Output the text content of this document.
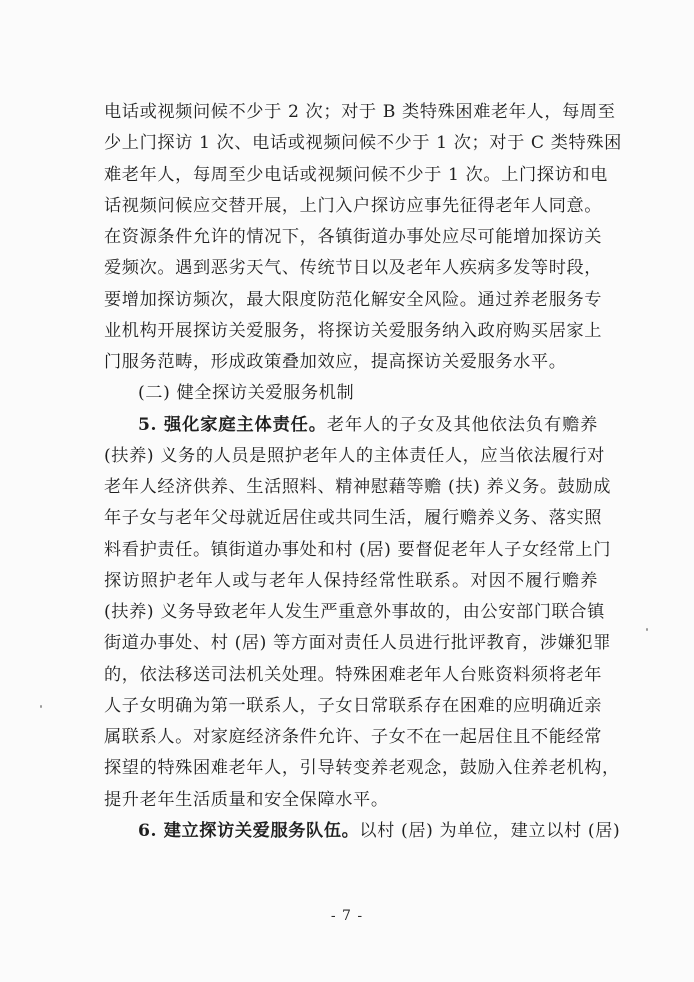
电话或视频问候不少于 2 次；对于 B 类特殊困难老年人，每周至
少上门探访 1 次、电话或视频问候不少于 1 次；对于 C 类特殊困
难老年人，每周至少电话或视频问候不少于 1 次。上门探访和电
话视频问候应交替开展，上门入户探访应事先征得老年人同意。
在资源条件允许的情况下，各镇街道办事处应尽可能增加探访关
爱频次。遇到恶劣天气、传统节日以及老年人疾病多发等时段，
要增加探访频次，最大限度防范化解安全风险。通过养老服务专
业机构开展探访关爱服务，将探访关爱服务纳入政府购买居家上
门服务范畴，形成政策叠加效应，提高探访关爱服务水平。
(二) 健全探访关爱服务机制
5. 强化家庭主体责任。老年人的子女及其他依法负有赡养
(扶养) 义务的人员是照护老年人的主体责任人，应当依法履行对
老年人经济供养、生活照料、精神慰藉等赡 (扶) 养义务。鼓励成
年子女与老年父母就近居住或共同生活，履行赡养义务、落实照
料看护责任。镇街道办事处和村 (居) 要督促老年人子女经常上门
探访照护老年人或与老年人保持经常性联系。对因不履行赡养
(扶养) 义务导致老年人发生严重意外事故的，由公安部门联合镇
街道办事处、村 (居) 等方面对责任人员进行批评教育，涉嫌犯罪
的，依法移送司法机关处理。特殊困难老年人台账资料须将老年
人子女明确为第一联系人，子女日常联系存在困难的应明确近亲
属联系人。对家庭经济条件允许、子女不在一起居住且不能经常
探望的特殊困难老年人，引导转变养老观念，鼓励入住养老机构，
提升老年生活质量和安全保障水平。
6. 建立探访关爱服务队伍。以村 (居) 为单位，建立以村 (居)
- 7 -
